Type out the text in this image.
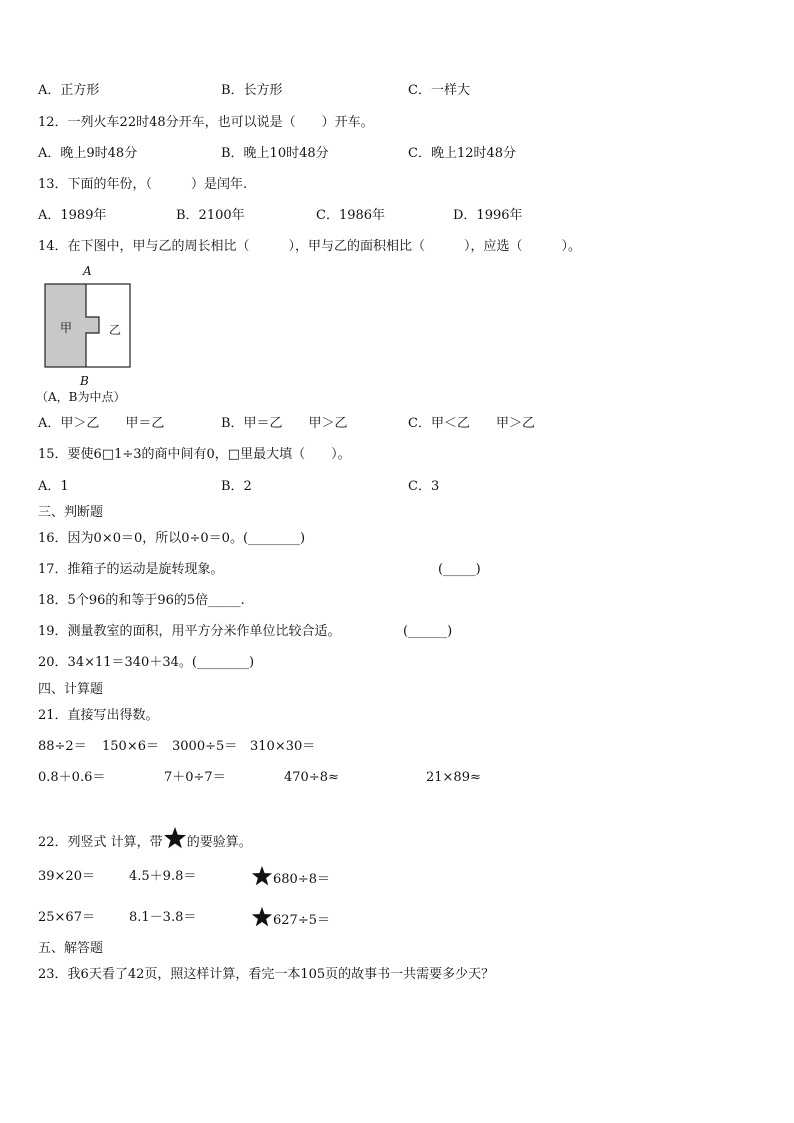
A．正方形	B．长方形	C．一样大
12．一列火车22时48分开车，也可以说是（　　）开车。
A．晚上9时48分	B．晚上10时48分	C．晚上12时48分
13．下面的年份，（　　　）是闰年.
A．1989年	B．2100年	C．1986年	D．1996年
14．在下图中，甲与乙的周长相比（　　　），甲与乙的面积相比（　　　），应选（　　　）。
A
甲	乙
B
（A，B为中点）
A．甲＞乙　　甲＝乙	B．甲＝乙　　甲＞乙	C．甲＜乙　　甲＞乙
15．要使6□1÷3的商中间有0，□里最大填（　　）。
A．1	B．2	C．3
三、判断题
16．因为0×0＝0，所以0÷0＝0。(________)
17．推箱子的运动是旋转现象。	(_____)
18．5个96的和等于96的5倍_____.
19．测量教室的面积，用平方分米作单位比较合适。	(______)
20．34×11＝340＋34。(________)
四、计算题
21．直接写出得数。
88÷2＝ 150×6＝ 3000÷5＝ 310×30＝
0.8＋0.6＝	7＋0÷7＝	470÷8≈	21×89≈
22．列竖式 计算，带 的要验算。
39×20＝	4.5＋9.8＝	680÷8＝
25×67＝	8.1－3.8＝	627÷5＝
五、解答题
23．我6天看了42页，照这样计算，看完一本105页的故事书一共需要多少天？
